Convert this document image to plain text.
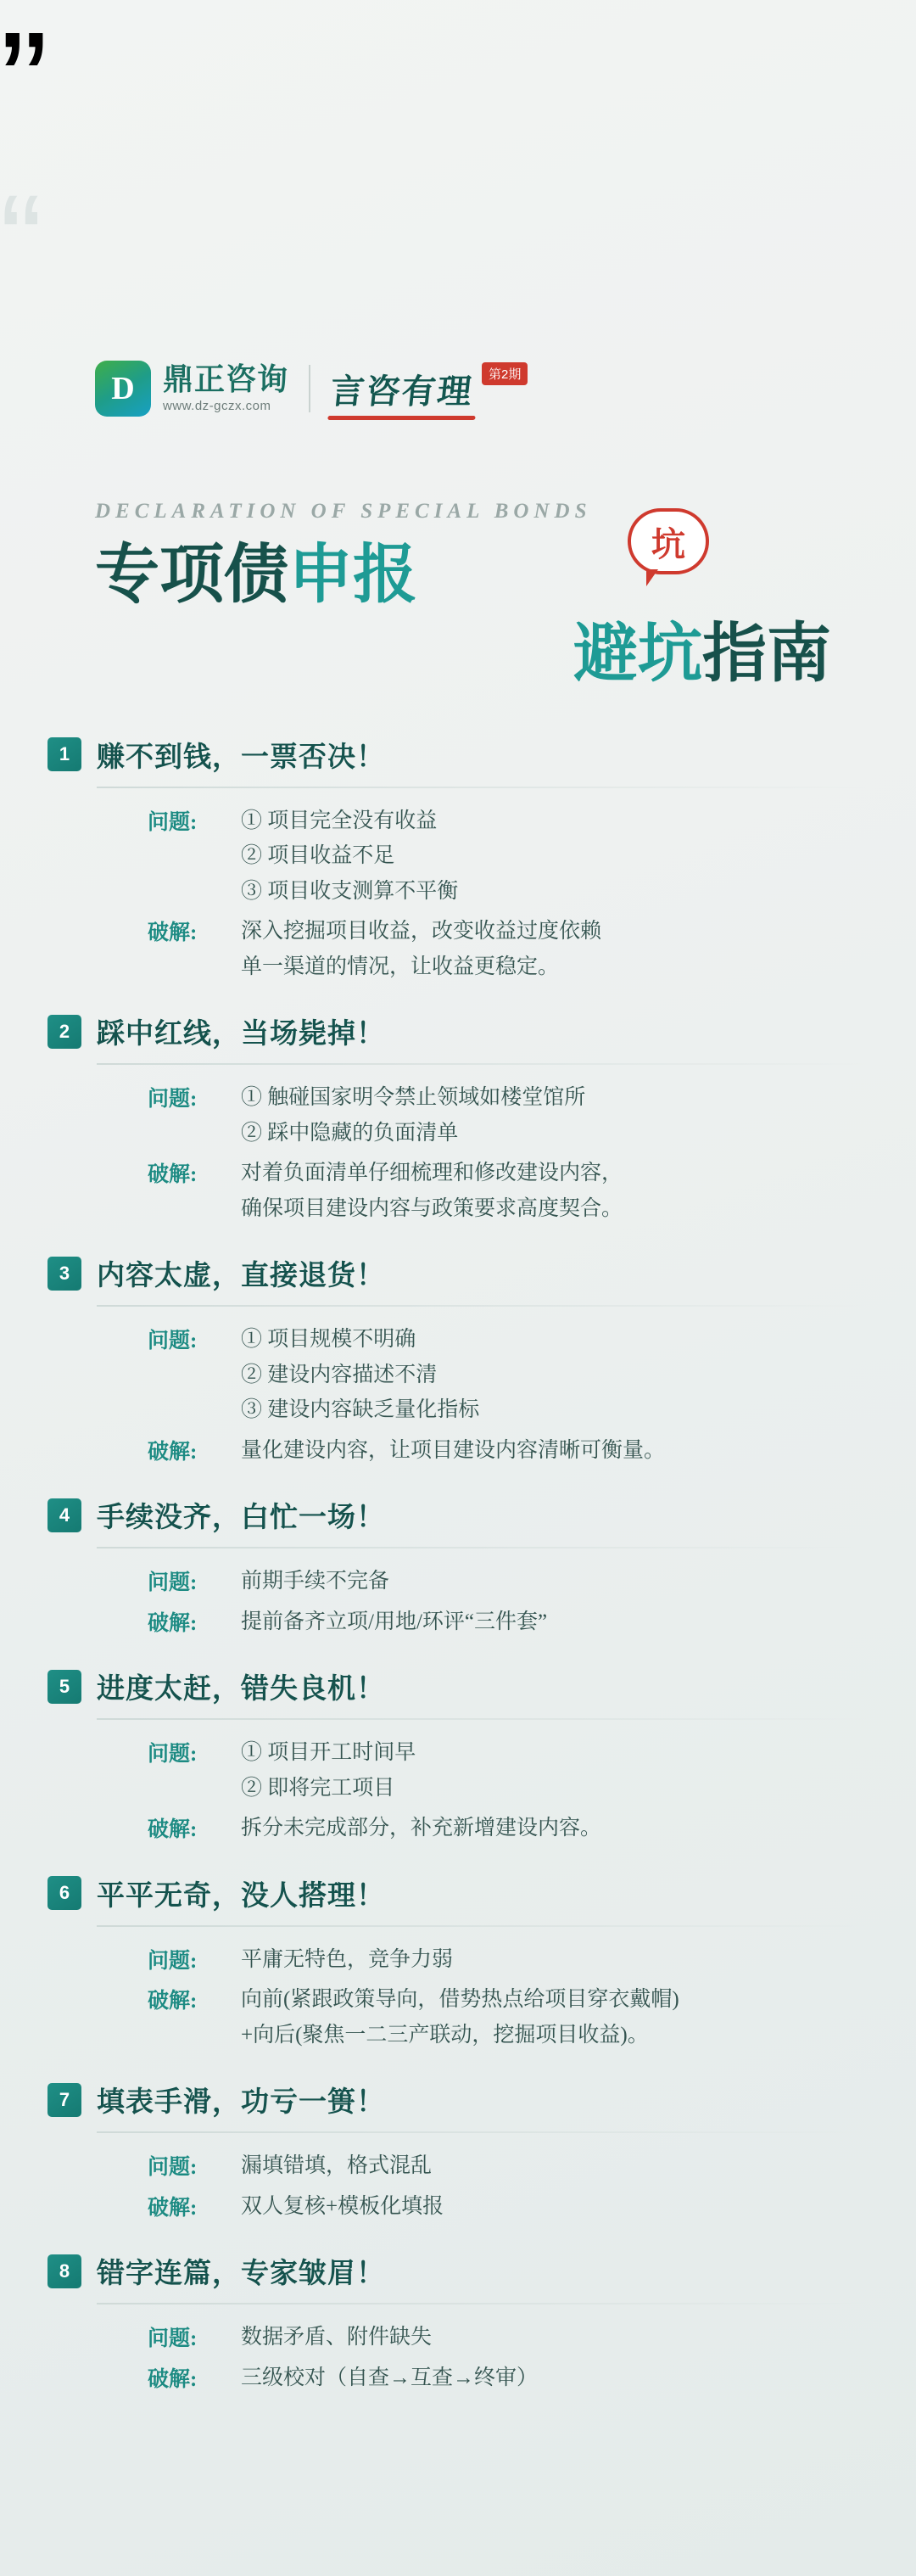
”
“
D 鼎正咨询
www.dz-gczx.com	言咨有理	第2期
DECLARATION OF SPECIAL BONDS
专项债申报
避坑指南
坑
1 赚不到钱，一票否决！
问题:	① 项目完全没有收益
② 项目收益不足
③ 项目收支测算不平衡
破解:	深入挖掘项目收益，改变收益过度依赖
单一渠道的情况，让收益更稳定。
2 踩中红线，当场毙掉！
问题:	① 触碰国家明令禁止领域如楼堂馆所
② 踩中隐藏的负面清单
破解:	对着负面清单仔细梳理和修改建设内容，
确保项目建设内容与政策要求高度契合。
3 内容太虚，直接退货！
问题:	① 项目规模不明确
② 建设内容描述不清
③ 建设内容缺乏量化指标
破解:	量化建设内容，让项目建设内容清晰可衡量。
4 手续没齐，白忙一场！
问题:	前期手续不完备
破解:	提前备齐立项/用地/环评“三件套”
5 进度太赶，错失良机！
问题:	① 项目开工时间早
② 即将完工项目
破解:	拆分未完成部分，补充新增建设内容。
6 平平无奇，没人搭理！
问题:	平庸无特色，竞争力弱
破解:	向前(紧跟政策导向，借势热点给项目穿衣戴帽)
+向后(聚焦一二三产联动，挖掘项目收益)。
7 填表手滑，功亏一篑！
问题:	漏填错填，格式混乱
破解:	双人复核+模板化填报
8 错字连篇，专家皱眉！
问题:	数据矛盾、附件缺失
破解:	三级校对（自查→互查→终审）
